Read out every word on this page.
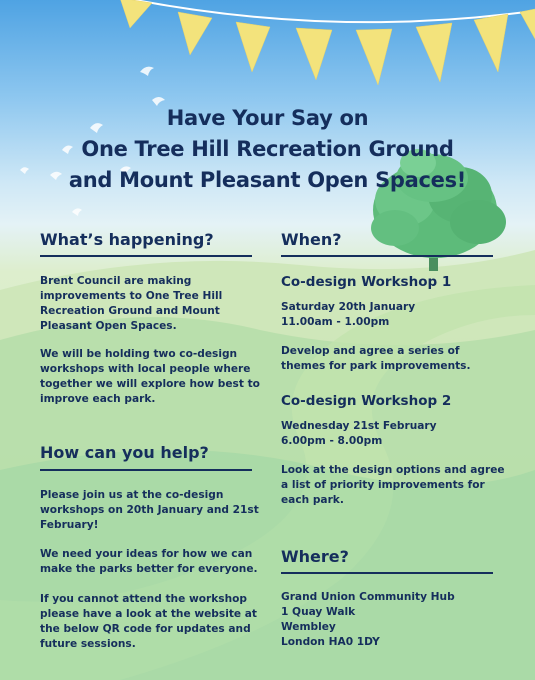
Have Your Say on
One Tree Hill Recreation Ground
and Mount Pleasant Open Spaces!
What’s happening?

Brent Council are making
improvements to One Tree Hill
Recreation Ground and Mount
Pleasant Open Spaces.

We will be holding two co-design
workshops with local people where
together we will explore how best to
improve each park.

How can you help?

Please join us at the co-design
workshops on 20th January and 21st
February!

We need your ideas for how we can
make the parks better for everyone.

If you cannot attend the workshop
please have a look at the website at
the below QR code for updates and
future sessions.

When?
Co-design Workshop 1

Saturday 20th January
11.00am - 1.00pm

Develop and agree a series of
themes for park improvements.

Co-design Workshop 2

Wednesday 21st February
6.00pm - 8.00pm

Look at the design options and agree
a list of priority improvements for
each park.

Where?

Grand Union Community Hub
1 Quay Walk
Wembley
London HA0 1DY
